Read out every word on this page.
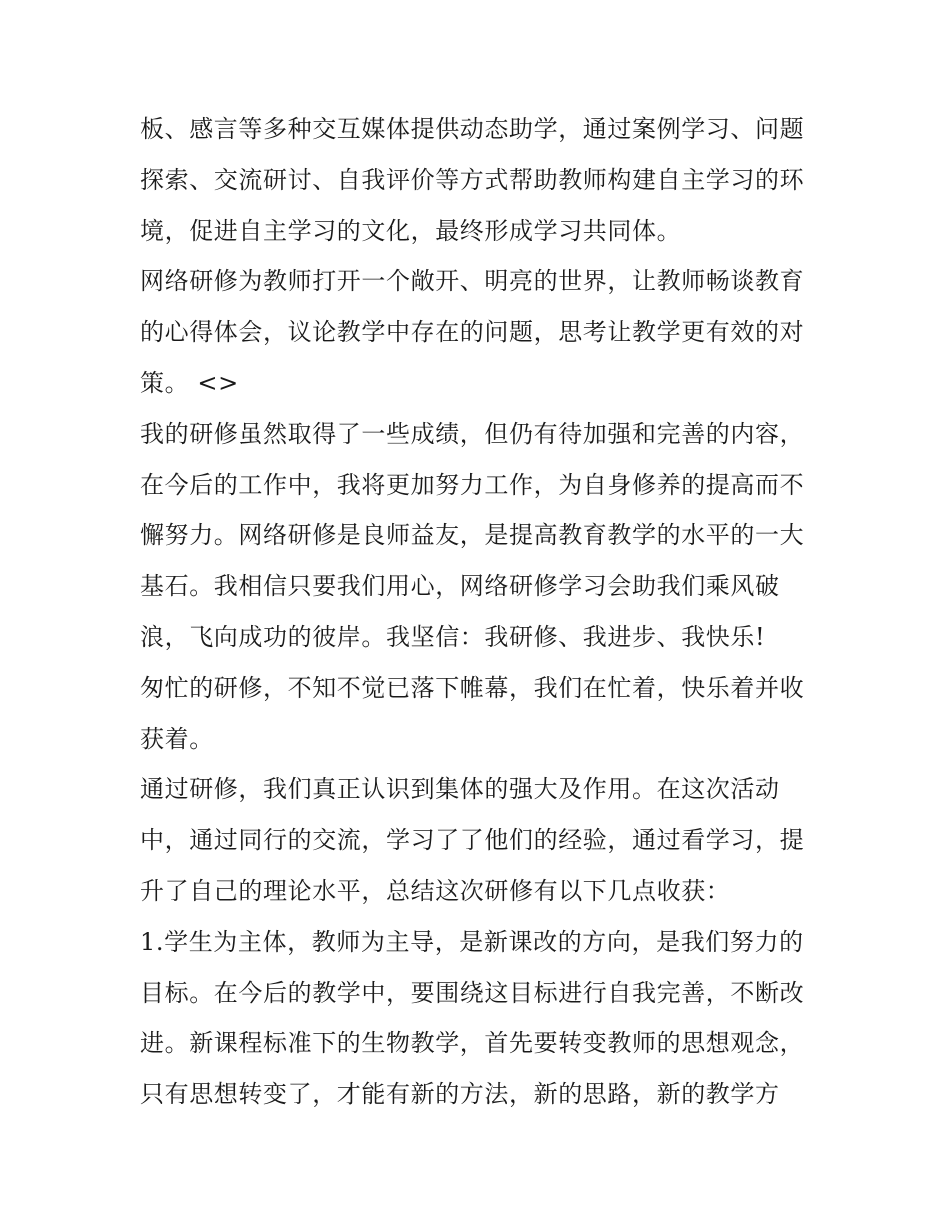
板、感言等多种交互媒体提供动态助学，通过案例学习、问题
探索、交流研讨、自我评价等方式帮助教师构建自主学习的环
境，促进自主学习的文化，最终形成学习共同体。

网络研修为教师打开一个敞开、明亮的世界，让教师畅谈教育
的心得体会，议论教学中存在的问题，思考让教学更有效的对
策。 <>

我的研修虽然取得了一些成绩，但仍有待加强和完善的内容，
在今后的工作中，我将更加努力工作，为自身修养的提高而不
懈努力。网络研修是良师益友，是提高教育教学的水平的一大
基石。我相信只要我们用心，网络研修学习会助我们乘风破
浪，飞向成功的彼岸。我坚信：我研修、我进步、我快乐!

匆忙的研修，不知不觉已落下帷幕，我们在忙着，快乐着并收
获着。

通过研修，我们真正认识到集体的强大及作用。在这次活动
中，通过同行的交流，学习了了他们的经验，通过看学习，提
升了自己的理论水平，总结这次研修有以下几点收获：

1.学生为主体，教师为主导，是新课改的方向，是我们努力的
目标。在今后的教学中，要围绕这目标进行自我完善，不断改
进。新课程标准下的生物教学，首先要转变教师的思想观念，
只有思想转变了，才能有新的方法，新的思路，新的教学方
